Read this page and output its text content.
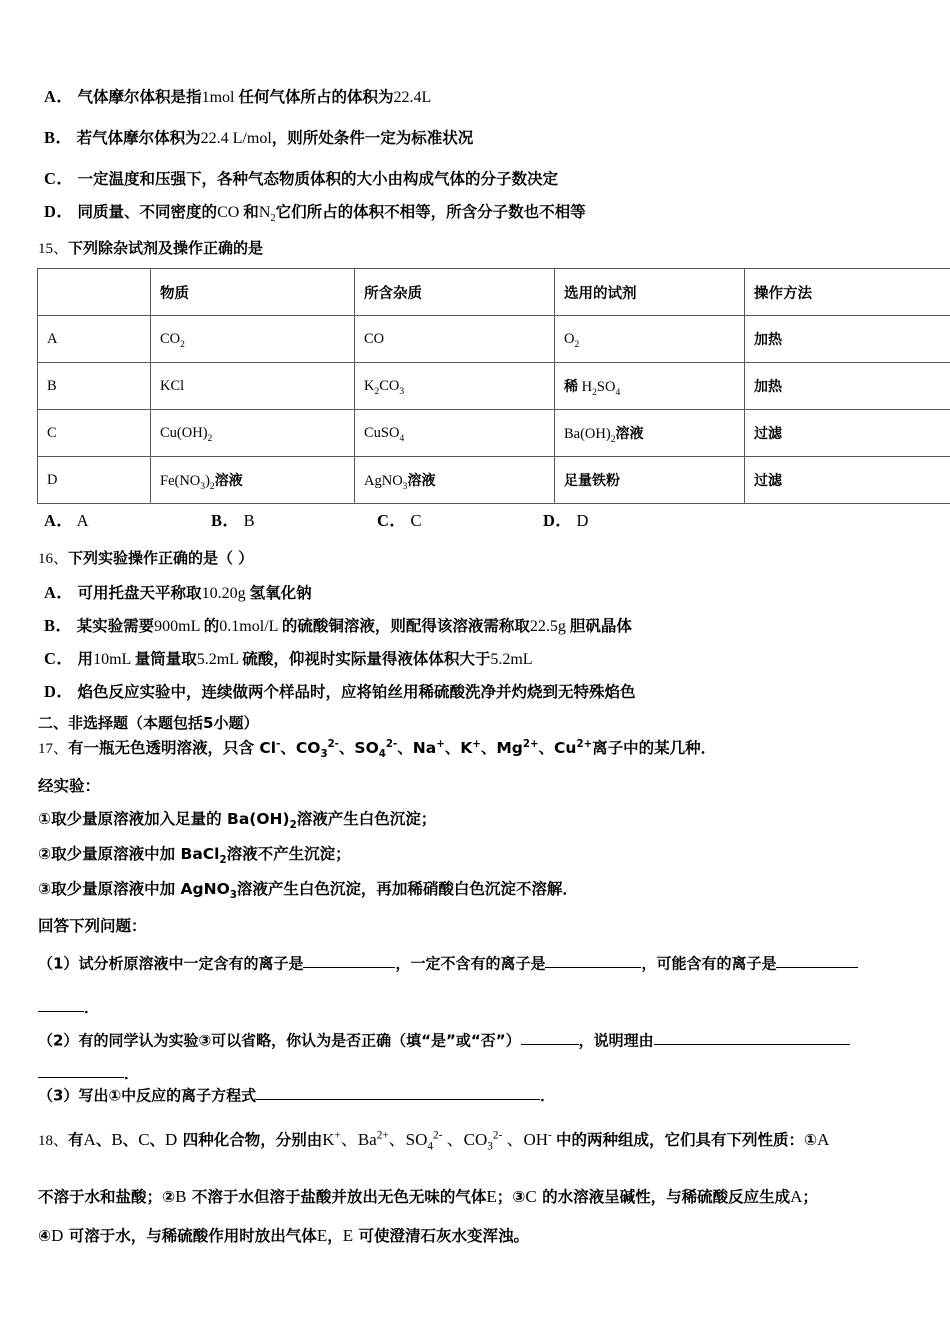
A． 气体摩尔体积是指1mol 任何气体所占的体积为22.4L
B． 若气体摩尔体积为22.4 L/mol，则所处条件一定为标准状况
C． 一定温度和压强下，各种气态物质体积的大小由构成气体的分子数决定
D． 同质量、不同密度的CO 和$N_2$它们所占的体积不相等，所含分子数也不相等
15、下列除杂试剂及操作正确的是
	物质	所含杂质	选用的试剂	操作方法
A	$CO_2$	CO	$O_2$	加热
B	KCl	$K_2CO_3$	稀 $H_2SO_4$	加热
C	$Cu(OH)_2$	CuSO$_4$	$Ba(OH)_2$溶液	过滤
D	$Fe(NO_3)_2$溶液	AgNO$_3$溶液	足量铁粉	过滤
A． A	B． B	C． C	D． D
16、下列实验操作正确的是（ ）
A． 可用托盘天平称取10.20g 氢氧化钠
B． 某实验需要900mL 的0.1mol/L 的硫酸铜溶液，则配得该溶液需称取22.5g 胆矾晶体
C． 用10mL 量筒量取5.2mL 硫酸，仰视时实际量得液体体积大于5.2mL
D． 焰色反应实验中，连续做两个样品时，应将铂丝用稀硫酸洗净并灼烧到无特殊焰色
二、非选择题（本题包括5小题）
17、有一瓶无色透明溶液，只含 Cl-、$CO_3^{2-}$、$SO_4^{2-}$、Na+、K+、$Mg^{2+}$、$Cu^{2+}$离子中的某几种．
经实验：
①取少量原溶液加入足量的 $Ba(OH)_2$溶液产生白色沉淀；
②取少量原溶液中加 BaCl$_2$溶液不产生沉淀；
③取少量原溶液中加 AgNO$_3$溶液产生白色沉淀，再加稀硝酸白色沉淀不溶解．
回答下列问题：
（1）试分析原溶液中一定含有的离子是	，一定不含有的离子是	，可能含有的离子是
．
（2）有的同学认为实验③可以省略，你认为是否正确（填“是”或“否”）	，说明理由
．
（3）写出①中反应的离子方程式	．
18、有A、B、C、D 四种化合物，分别由K+、$Ba^{2+}$、$SO_4^{2-}$ 、$CO_3^{2-}$ 、OH- 中的两种组成，它们具有下列性质：①A
不溶于水和盐酸；②B 不溶于水但溶于盐酸并放出无色无味的气体E；③C 的水溶液呈碱性，与稀硫酸反应生成A；
④D 可溶于水，与稀硫酸作用时放出气体E，E 可使澄清石灰水变浑浊。
